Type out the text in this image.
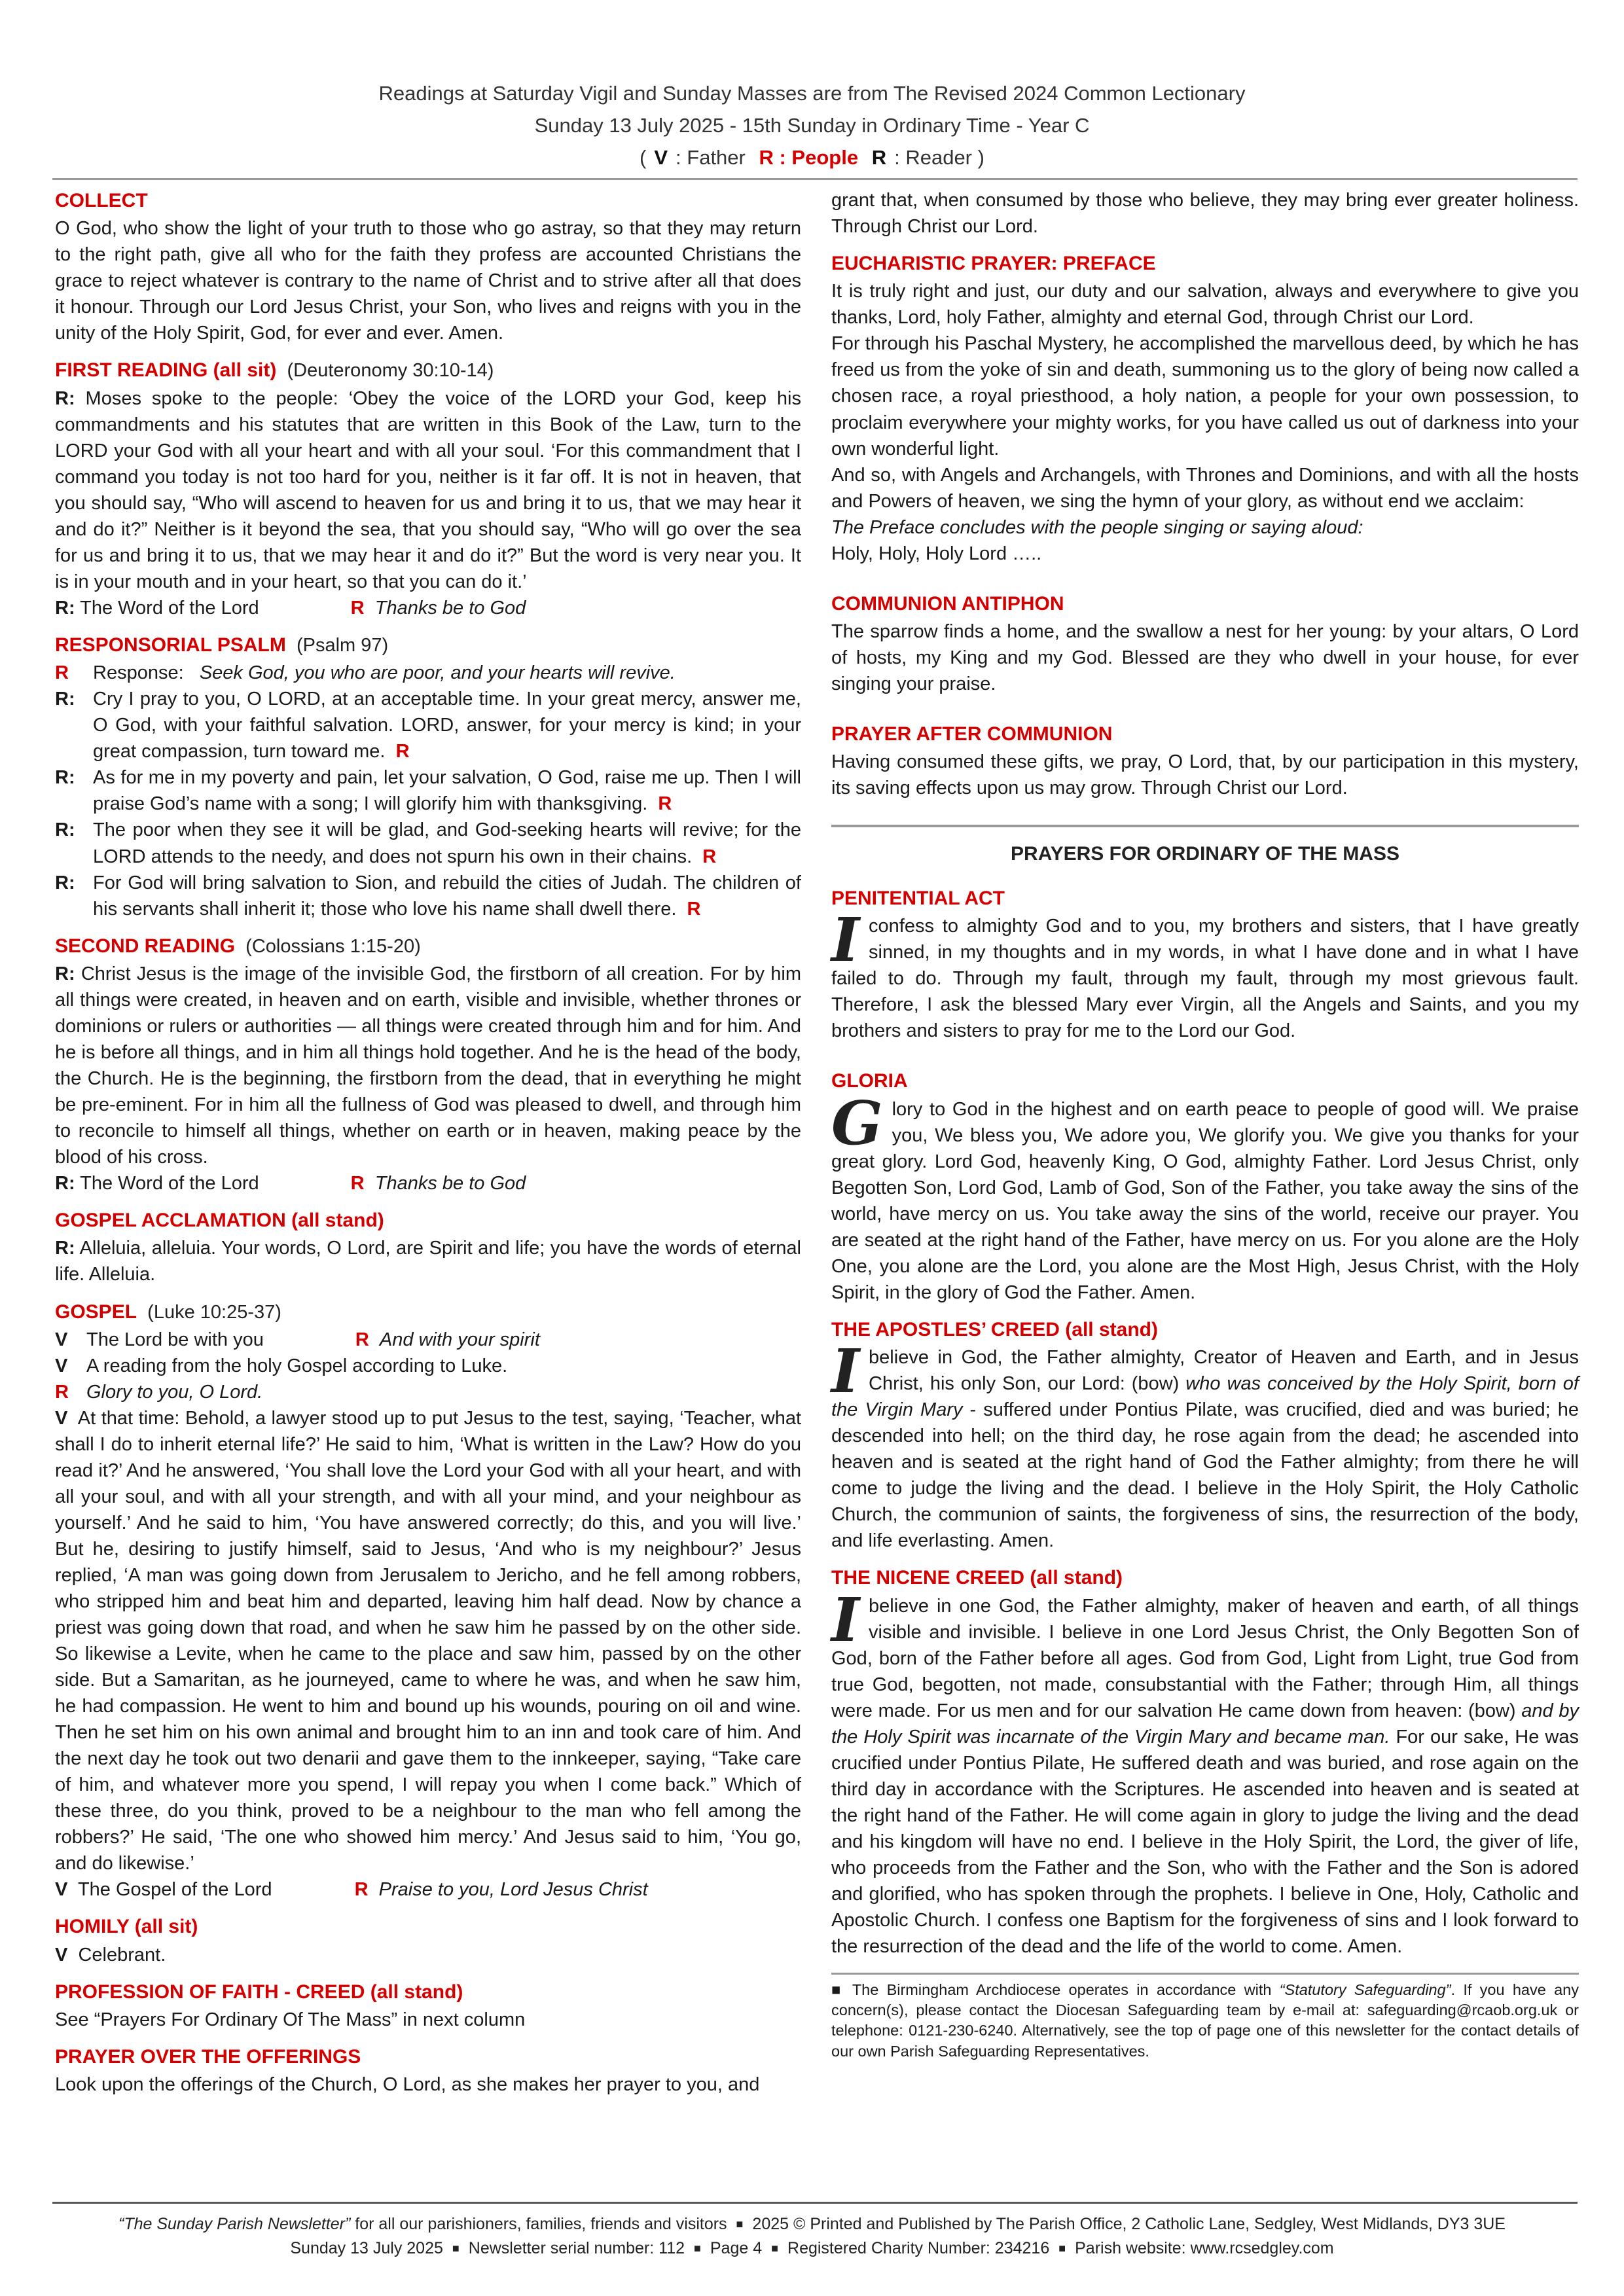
Readings at Saturday Vigil and Sunday Masses are from The Revised 2024 Common Lectionary
Sunday 13 July 2025 - 15th Sunday in Ordinary Time - Year C
( V : Father R : People R : Reader )
COLLECT

O God, who show the light of your truth to those who go astray, so that they may return to the right path, give all who for the faith they profess are accounted Christians the grace to reject whatever is contrary to the name of Christ and to strive after all that does it honour. Through our Lord Jesus Christ, your Son, who lives and reigns with you in the unity of the Holy Spirit, God, for ever and ever. Amen.

FIRST READING (all sit) (Deuteronomy 30:10-14)

R: Moses spoke to the people: ‘Obey the voice of the LORD your God, keep his commandments and his statutes that are written in this Book of the Law, turn to the LORD your God with all your heart and with all your soul. ‘For this commandment that I command you today is not too hard for you, neither is it far off. It is not in heaven, that you should say, “Who will ascend to heaven for us and bring it to us, that we may hear it and do it?” Neither is it beyond the sea, that you should say, “Who will go over the sea for us and bring it to us, that we may hear it and do it?” But the word is very near you. It is in your mouth and in your heart, so that you can do it.’

R: The Word of the Lord	R Thanks be to God

RESPONSORIAL PSALM (Psalm 97)
R	Response: Seek God, you who are poor, and your hearts will revive.
R: Cry I pray to you, O LORD, at an acceptable time. In your great mercy, answer me, O God, with your faithful salvation. LORD, answer, for your mercy is kind; in your great compassion, turn toward me. R
R: As for me in my poverty and pain, let your salvation, O God, raise me up. Then I will praise God’s name with a song; I will glorify him with thanksgiving. R
R: The poor when they see it will be glad, and God-seeking hearts will revive; for the LORD attends to the needy, and does not spurn his own in their chains. R
R: For God will bring salvation to Sion, and rebuild the cities of Judah. The children of his servants shall inherit it; those who love his name shall dwell there. R
SECOND READING (Colossians 1:15-20)

R: Christ Jesus is the image of the invisible God, the firstborn of all creation. For by him all things were created, in heaven and on earth, visible and invisible, whether thrones or dominions or rulers or authorities — all things were created through him and for him. And he is before all things, and in him all things hold together. And he is the head of the body, the Church. He is the beginning, the firstborn from the dead, that in everything he might be pre-eminent. For in him all the fullness of God was pleased to dwell, and through him to reconcile to himself all things, whether on earth or in heaven, making peace by the blood of his cross.

R: The Word of the Lord	R Thanks be to God

GOSPEL ACCLAMATION (all stand)

R: Alleluia, alleluia. Your words, O Lord, are Spirit and life; you have the words of eternal life. Alleluia.

GOSPEL (Luke 10:25-37)
V The Lord be with you	R And with your spirit
V A reading from the holy Gospel according to Luke.
R Glory to you, O Lord.

V At that time: Behold, a lawyer stood up to put Jesus to the test, saying, ‘Teacher, what shall I do to inherit eternal life?’ He said to him, ‘What is written in the Law? How do you read it?’ And he answered, ‘You shall love the Lord your God with all your heart, and with all your soul, and with all your strength, and with all your mind, and your neighbour as yourself.’ And he said to him, ‘You have answered correctly; do this, and you will live.’ But he, desiring to justify himself, said to Jesus, ‘And who is my neighbour?’ Jesus replied, ‘A man was going down from Jerusalem to Jericho, and he fell among robbers, who stripped him and beat him and departed, leaving him half dead. Now by chance a priest was going down that road, and when he saw him he passed by on the other side. So likewise a Levite, when he came to the place and saw him, passed by on the other side. But a Samaritan, as he journeyed, came to where he was, and when he saw him, he had compassion. He went to him and bound up his wounds, pouring on oil and wine. Then he set him on his own animal and brought him to an inn and took care of him. And the next day he took out two denarii and gave them to the innkeeper, saying, “Take care of him, and whatever more you spend, I will repay you when I come back.” Which of these three, do you think, proved to be a neighbour to the man who fell among the robbers?’ He said, ‘The one who showed him mercy.’ And Jesus said to him, ‘You go, and do likewise.’

V The Gospel of the Lord	R Praise to you, Lord Jesus Christ

HOMILY (all sit)

V Celebrant.

PROFESSION OF FAITH - CREED (all stand)

See “Prayers For Ordinary Of The Mass” in next column

PRAYER OVER THE OFFERINGS

Look upon the offerings of the Church, O Lord, as she makes her prayer to you, and

grant that, when consumed by those who believe, they may bring ever greater holiness. Through Christ our Lord.

EUCHARISTIC PRAYER: PREFACE

It is truly right and just, our duty and our salvation, always and everywhere to give you thanks, Lord, holy Father, almighty and eternal God, through Christ our Lord.

For through his Paschal Mystery, he accomplished the marvellous deed, by which he has freed us from the yoke of sin and death, summoning us to the glory of being now called a chosen race, a royal priesthood, a holy nation, a people for your own possession, to proclaim everywhere your mighty works, for you have called us out of darkness into your own wonderful light.

And so, with Angels and Archangels, with Thrones and Dominions, and with all the hosts and Powers of heaven, we sing the hymn of your glory, as without end we acclaim:

The Preface concludes with the people singing or saying aloud:

Holy, Holy, Holy Lord …..

COMMUNION ANTIPHON

The sparrow finds a home, and the swallow a nest for her young: by your altars, O Lord of hosts, my King and my God. Blessed are they who dwell in your house, for ever singing your praise.

PRAYER AFTER COMMUNION

Having consumed these gifts, we pray, O Lord, that, by our participation in this mystery, its saving effects upon us may grow. Through Christ our Lord.

PRAYERS FOR ORDINARY OF THE MASS
PENITENTIAL ACT

Iconfess to almighty God and to you, my brothers and sisters, that I have greatly sinned, in my thoughts and in my words, in what I have done and in what I have failed to do. Through my fault, through my fault, through my most grievous fault. Therefore, I ask the blessed Mary ever Virgin, all the Angels and Saints, and you my brothers and sisters to pray for me to the Lord our God.

GLORIA

Glory to God in the highest and on earth peace to people of good will. We praise you, We bless you, We adore you, We glorify you. We give you thanks for your great glory. Lord God, heavenly King, O God, almighty Father. Lord Jesus Christ, only Begotten Son, Lord God, Lamb of God, Son of the Father, you take away the sins of the world, have mercy on us. You take away the sins of the world, receive our prayer. You are seated at the right hand of the Father, have mercy on us. For you alone are the Holy One, you alone are the Lord, you alone are the Most High, Jesus Christ, with the Holy Spirit, in the glory of God the Father. Amen.

THE APOSTLES’ CREED (all stand)

Ibelieve in God, the Father almighty, Creator of Heaven and Earth, and in Jesus Christ, his only Son, our Lord: (bow) who was conceived by the Holy Spirit, born of the Virgin Mary - suffered under Pontius Pilate, was crucified, died and was buried; he descended into hell; on the third day, he rose again from the dead; he ascended into heaven and is seated at the right hand of God the Father almighty; from there he will come to judge the living and the dead. I believe in the Holy Spirit, the Holy Catholic Church, the communion of saints, the forgiveness of sins, the resurrection of the body, and life everlasting. Amen.

THE NICENE CREED (all stand)

Ibelieve in one God, the Father almighty, maker of heaven and earth, of all things visible and invisible. I believe in one Lord Jesus Christ, the Only Begotten Son of God, born of the Father before all ages. God from God, Light from Light, true God from true God, begotten, not made, consubstantial with the Father; through Him, all things were made. For us men and for our salvation He came down from heaven: (bow) and by the Holy Spirit was incarnate of the Virgin Mary and became man. For our sake, He was crucified under Pontius Pilate, He suffered death and was buried, and rose again on the third day in accordance with the Scriptures. He ascended into heaven and is seated at the right hand of the Father. He will come again in glory to judge the living and the dead and his kingdom will have no end. I believe in the Holy Spirit, the Lord, the giver of life, who proceeds from the Father and the Son, who with the Father and the Son is adored and glorified, who has spoken through the prophets. I believe in One, Holy, Catholic and Apostolic Church. I confess one Baptism for the forgiveness of sins and I look forward to the resurrection of the dead and the life of the world to come. Amen.

■ The Birmingham Archdiocese operates in accordance with “Statutory Safeguarding”. If you have any concern(s), please contact the Diocesan Safeguarding team by e-mail at: safeguarding@rcaob.org.uk or telephone: 0121-230-6240. Alternatively, see the top of page one of this newsletter for the contact details of our own Parish Safeguarding Representatives.

“The Sunday Parish Newsletter” for all our parishioners, families, friends and visitors ■ 2025 © Printed and Published by The Parish Office, 2 Catholic Lane, Sedgley, West Midlands, DY3 3UE
Sunday 13 July 2025 ■ Newsletter serial number: 112 ■ Page 4 ■ Registered Charity Number: 234216 ■ Parish website: www.rcsedgley.com
